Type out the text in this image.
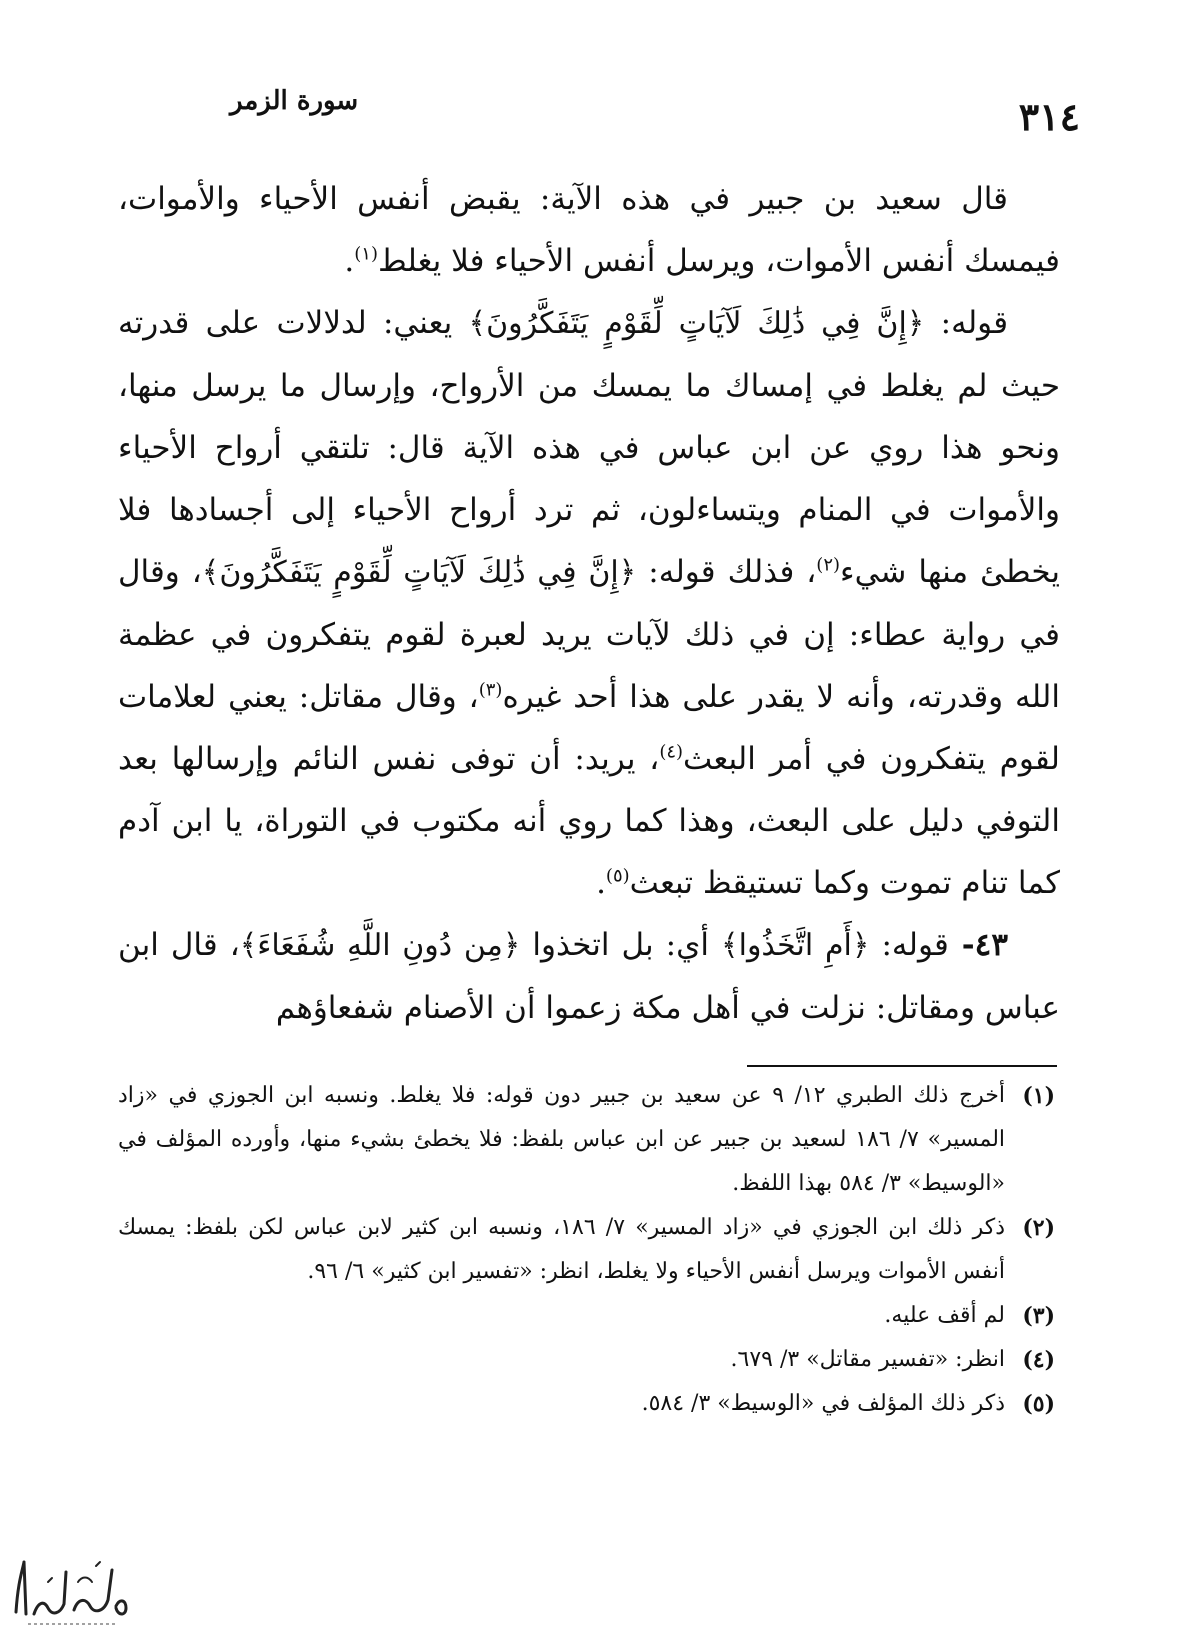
٣١٤
سورة الزمر

قال سعيد بن جبير في هذه الآية: يقبض أنفس الأحياء والأموات، فيمسك أنفس الأموات، ويرسل أنفس الأحياء فلا يغلط$^{(١)}$.

قوله: ﴿إِنَّ فِي ذَٰلِكَ لَآيَاتٍ لِّقَوْمٍ يَتَفَكَّرُونَ﴾ يعني: لدلالات على قدرته حيث لم يغلط في إمساك ما يمسك من الأرواح، وإرسال ما يرسل منها، ونحو هذا روي عن ابن عباس في هذه الآية قال: تلتقي أرواح الأحياء والأموات في المنام ويتساءلون، ثم ترد أرواح الأحياء إلى أجسادها فلا يخطئ منها شيء$^{(٢)}$، فذلك قوله: ﴿إِنَّ فِي ذَٰلِكَ لَآيَاتٍ لِّقَوْمٍ يَتَفَكَّرُونَ﴾، وقال في رواية عطاء: إن في ذلك لآيات يريد لعبرة لقوم يتفكرون في عظمة الله وقدرته، وأنه لا يقدر على هذا أحد غيره$^{(٣)}$، وقال مقاتل: يعني لعلامات لقوم يتفكرون في أمر البعث$^{(٤)}$، يريد: أن توفى نفس النائم وإرسالها بعد التوفي دليل على البعث، وهذا كما روي أنه مكتوب في التوراة، يا ابن آدم كما تنام تموت وكما تستيقظ تبعث$^{(٥)}$.

٤٣- قوله: ﴿أَمِ اتَّخَذُوا﴾ أي: بل اتخذوا ﴿مِن دُونِ اللَّهِ شُفَعَاءَ﴾، قال ابن عباس ومقاتل: نزلت في أهل مكة زعموا أن الأصنام شفعاؤهم

(١)
أخرج ذلك الطبري ١٢/ ٩ عن سعيد بن جبير دون قوله: فلا يغلط. ونسبه ابن الجوزي في «زاد المسير» ٧/ ١٨٦ لسعيد بن جبير عن ابن عباس بلفظ: فلا يخطئ بشيء منها، وأورده المؤلف في «الوسيط» ٣/ ٥٨٤ بهذا اللفظ.

(٢)
ذكر ذلك ابن الجوزي في «زاد المسير» ٧/ ١٨٦، ونسبه ابن كثير لابن عباس لكن بلفظ: يمسك أنفس الأموات ويرسل أنفس الأحياء ولا يغلط، انظر: «تفسير ابن كثير» ٦/ ٩٦.

(٣)
لم أقف عليه.

(٤)
انظر: «تفسير مقاتل» ٣/ ٦٧٩.

(٥)
ذكر ذلك المؤلف في «الوسيط» ٣/ ٥٨٤.
